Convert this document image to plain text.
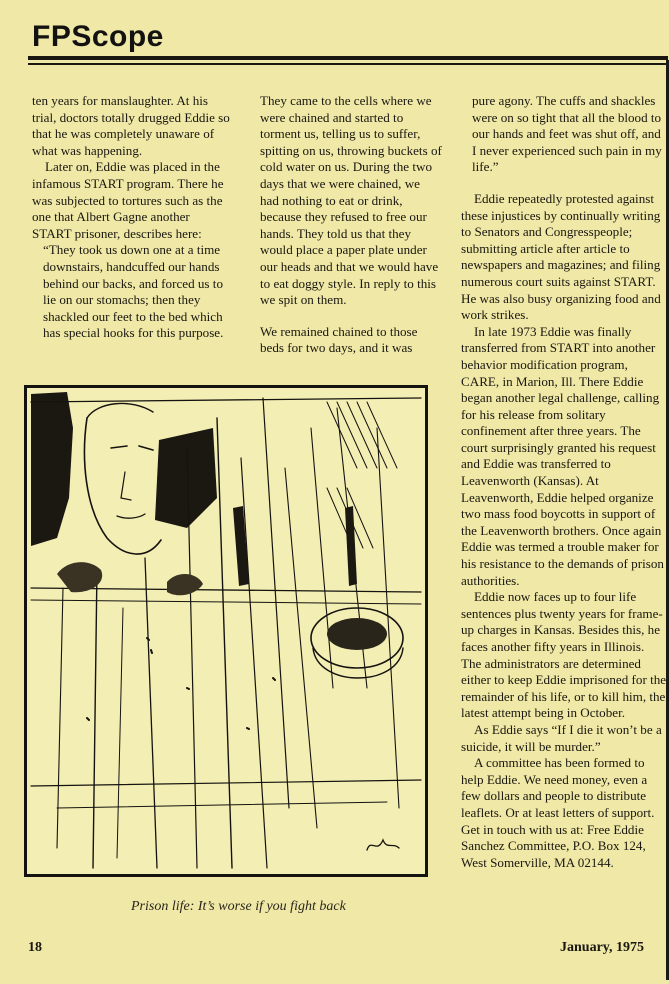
FPScope

ten years for manslaughter. At his trial, doctors totally drugged Eddie so that he was completely unaware of what was happening.

Later on, Eddie was placed in the infamous START program. There he was subjected to tortures such as the one that Albert Gagne another START prisoner, describes here:

“They took us down one at a time downstairs, handcuffed our hands behind our backs, and forced us to lie on our stomachs; then they shackled our feet to the bed which has special hooks for this purpose.

They came to the cells where we were chained and started to torment us, telling us to suffer, spitting on us, throwing buckets of cold water on us. During the two days that we were chained, we had nothing to eat or drink, because they refused to free our hands. They told us that they would place a paper plate under our heads and that we would have to eat doggy style. In reply to this we spit on them.

We remained chained to those beds for two days, and it was

pure agony. The cuffs and shackles were on so tight that all the blood to our hands and feet was shut off, and I never experienced such pain in my life.”

Eddie repeatedly protested against these injustices by continually writing to Senators and Congresspeople; submitting article after article to newspapers and magazines; and filing numerous court suits against START. He was also busy organizing food and work strikes.

In late 1973 Eddie was finally transferred from START into another behavior modification program, CARE, in Marion, Ill. There Eddie began another legal challenge, calling for his release from solitary confinement after three years. The court surprisingly granted his request and Eddie was transferred to Leavenworth (Kansas). At Leavenworth, Eddie helped organize two mass food boycotts in support of the Leavenworth brothers. Once again Eddie was termed a trouble maker for his resistance to the demands of prison authorities.

Eddie now faces up to four life sentences plus twenty years for frame-up charges in Kansas. Besides this, he faces another fifty years in Illinois. The administrators are determined either to keep Eddie imprisoned for the remainder of his life, or to kill him, the latest attempt being in October.

As Eddie says “If I die it won’t be a suicide, it will be murder.”

A committee has been formed to help Eddie. We need money, even a few dollars and people to distribute leaflets. Or at least letters of support. Get in touch with us at: Free Eddie Sanchez Committee, P.O. Box 124, West Somerville, MA 02144.

Prison life: It’s worse if you fight back
18	January, 1975
